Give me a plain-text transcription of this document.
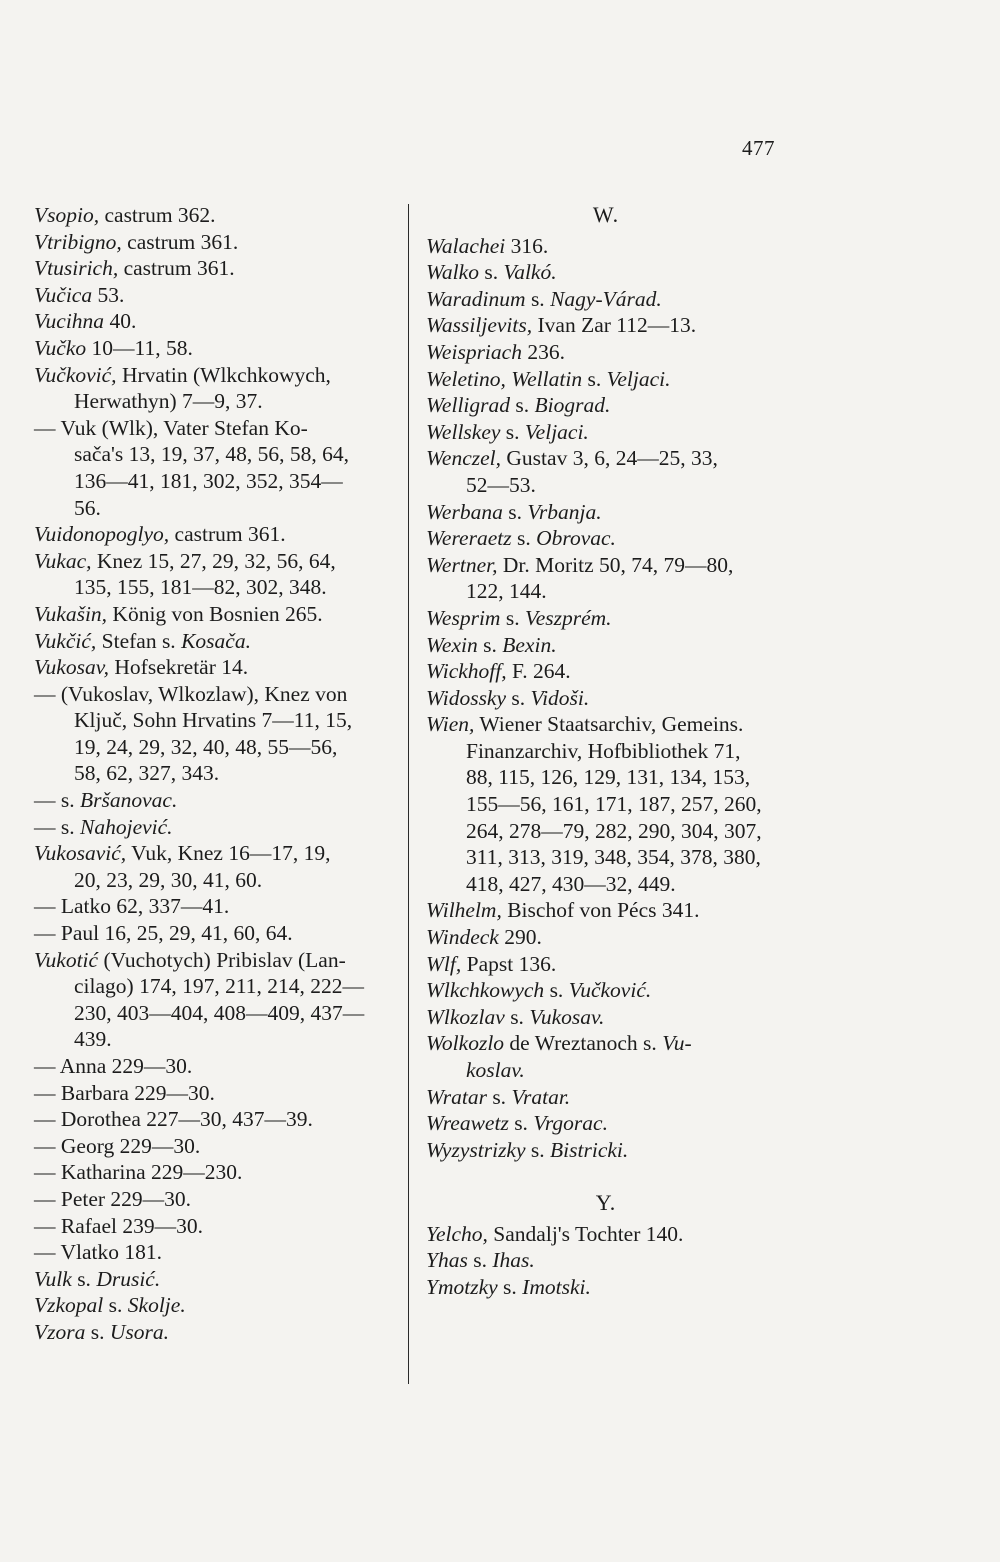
477
Vsopio, castrum 362.
Vtribigno, castrum 361.
Vtusirich, castrum 361.
Vučica 53.
Vucihna 40.
Vučko 10—11, 58.
Vučković, Hrvatin (Wlkchkowych,
Herwathyn) 7—9, 37.
— Vuk (Wlk), Vater Stefan Ko-
sača's 13, 19, 37, 48, 56, 58, 64,
136—41, 181, 302, 352, 354—
56.
Vuidonopoglyo, castrum 361.
Vukac, Knez 15, 27, 29, 32, 56, 64,
135, 155, 181—82, 302, 348.
Vukašin, König von Bosnien 265.
Vukčić, Stefan s. Kosača.
Vukosav, Hofsekretär 14.
— (Vukoslav, Wlkozlaw), Knez von
Ključ, Sohn Hrvatins 7—11, 15,
19, 24, 29, 32, 40, 48, 55—56,
58, 62, 327, 343.
— s. Bršanovac.
— s. Nahojević.
Vukosavić, Vuk, Knez 16—17, 19,
20, 23, 29, 30, 41, 60.
— Latko 62, 337—41.
— Paul 16, 25, 29, 41, 60, 64.
Vukotić (Vuchotych) Pribislav (Lan-
cilago) 174, 197, 211, 214, 222—
230, 403—404, 408—409, 437—
439.
— Anna 229—30.
— Barbara 229—30.
— Dorothea 227—30, 437—39.
— Georg 229—30.
— Katharina 229—230.
— Peter 229—30.
— Rafael 239—30.
— Vlatko 181.
Vulk s. Drusić.
Vzkopal s. Skolje.
Vzora s. Usora.
W.
Walachei 316.
Walko s. Valkó.
Waradinum s. Nagy-Várad.
Wassiljevits, Ivan Zar 112—13.
Weispriach 236.
Weletino, Wellatin s. Veljaci.
Welligrad s. Biograd.
Wellskey s. Veljaci.
Wenczel, Gustav 3, 6, 24—25, 33,
52—53.
Werbana s. Vrbanja.
Wereraetz s. Obrovac.
Wertner, Dr. Moritz 50, 74, 79—80,
122, 144.
Wesprim s. Veszprém.
Wexin s. Bexin.
Wickhoff, F. 264.
Widossky s. Vidoši.
Wien, Wiener Staatsarchiv, Gemeins.
Finanzarchiv, Hofbibliothek 71,
88, 115, 126, 129, 131, 134, 153,
155—56, 161, 171, 187, 257, 260,
264, 278—79, 282, 290, 304, 307,
311, 313, 319, 348, 354, 378, 380,
418, 427, 430—32, 449.
Wilhelm, Bischof von Pécs 341.
Windeck 290.
Wlf, Papst 136.
Wlkchkowych s. Vučković.
Wlkozlav s. Vukosav.
Wolkozlo de Wreztanoch s. Vu-
koslav.
Wratar s. Vratar.
Wreawetz s. Vrgorac.
Wyzystrizky s. Bistricki.
Y.
Yelcho, Sandalj's Tochter 140.
Yhas s. Ihas.
Ymotzky s. Imotski.
